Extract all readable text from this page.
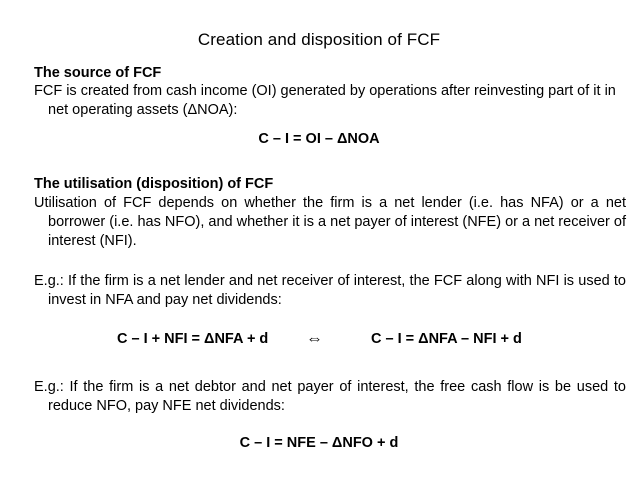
Creation and disposition of FCF
The source of FCF
FCF is created from cash income (OI) generated by operations after reinvesting part of it in net operating assets (ΔNOA):
C – I = OI – ΔNOA
The utilisation (disposition) of FCF
Utilisation of FCF depends on whether the firm is a net lender (i.e. has NFA) or a net borrower (i.e. has NFO), and whether it is a net payer of interest (NFE) or a net receiver of interest (NFI).
E.g.: If the firm is a net lender and net receiver of interest, the FCF along with NFI is used to invest in NFA and pay net dividends:
C – I + NFI = ΔNFA + d ⇔	C – I = ΔNFA – NFI + d
E.g.: If the firm is a net debtor and net payer of interest, the free cash flow is be used to reduce NFO, pay NFE net dividends:
C – I = NFE – ΔNFO + d
